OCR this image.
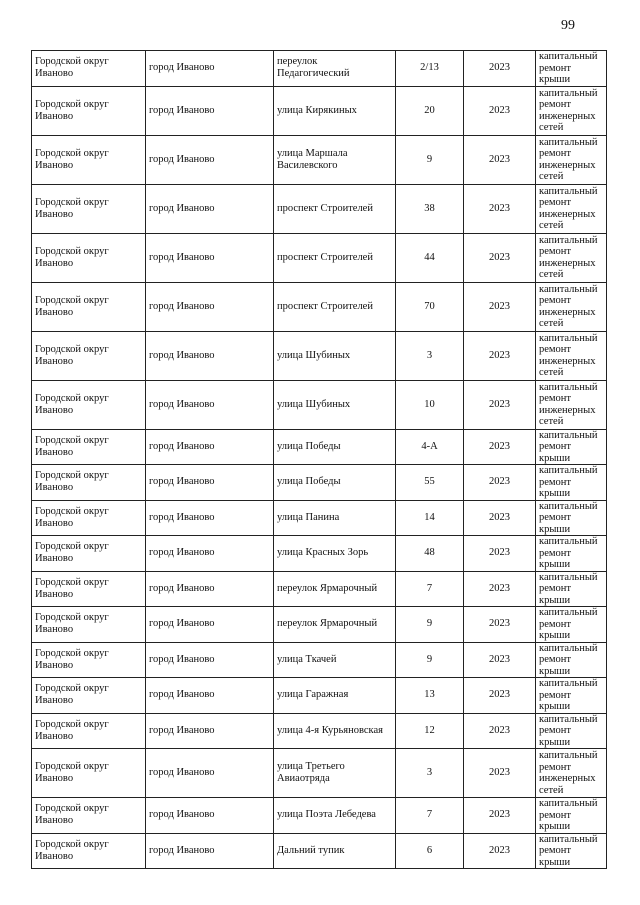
99
Городской округ Иваново	город Иваново	переулок Педагогический	2/13	2023	капитальный ремонт крыши
Городской округ Иваново	город Иваново	улица Кирякиных	20	2023	капитальный ремонт инженерных сетей
Городской округ Иваново	город Иваново	улица Маршала Василевского	9	2023	капитальный ремонт инженерных сетей
Городской округ Иваново	город Иваново	проспект Строителей	38	2023	капитальный ремонт инженерных сетей
Городской округ Иваново	город Иваново	проспект Строителей	44	2023	капитальный ремонт инженерных сетей
Городской округ Иваново	город Иваново	проспект Строителей	70	2023	капитальный ремонт инженерных сетей
Городской округ Иваново	город Иваново	улица Шубиных	3	2023	капитальный ремонт инженерных сетей
Городской округ Иваново	город Иваново	улица Шубиных	10	2023	капитальный ремонт инженерных сетей
Городской округ Иваново	город Иваново	улица Победы	4-А	2023	капитальный ремонт крыши
Городской округ Иваново	город Иваново	улица Победы	55	2023	капитальный ремонт крыши
Городской округ Иваново	город Иваново	улица Панина	14	2023	капитальный ремонт крыши
Городской округ Иваново	город Иваново	улица Красных Зорь	48	2023	капитальный ремонт крыши
Городской округ Иваново	город Иваново	переулок Ярмарочный	7	2023	капитальный ремонт крыши
Городской округ Иваново	город Иваново	переулок Ярмарочный	9	2023	капитальный ремонт крыши
Городской округ Иваново	город Иваново	улица Ткачей	9	2023	капитальный ремонт крыши
Городской округ Иваново	город Иваново	улица Гаражная	13	2023	капитальный ремонт крыши
Городской округ Иваново	город Иваново	улица 4-я Курьяновская	12	2023	капитальный ремонт крыши
Городской округ Иваново	город Иваново	улица Третьего Авиаотряда	3	2023	капитальный ремонт инженерных сетей
Городской округ Иваново	город Иваново	улица Поэта Лебедева	7	2023	капитальный ремонт крыши
Городской округ Иваново	город Иваново	Дальний тупик	6	2023	капитальный ремонт крыши
